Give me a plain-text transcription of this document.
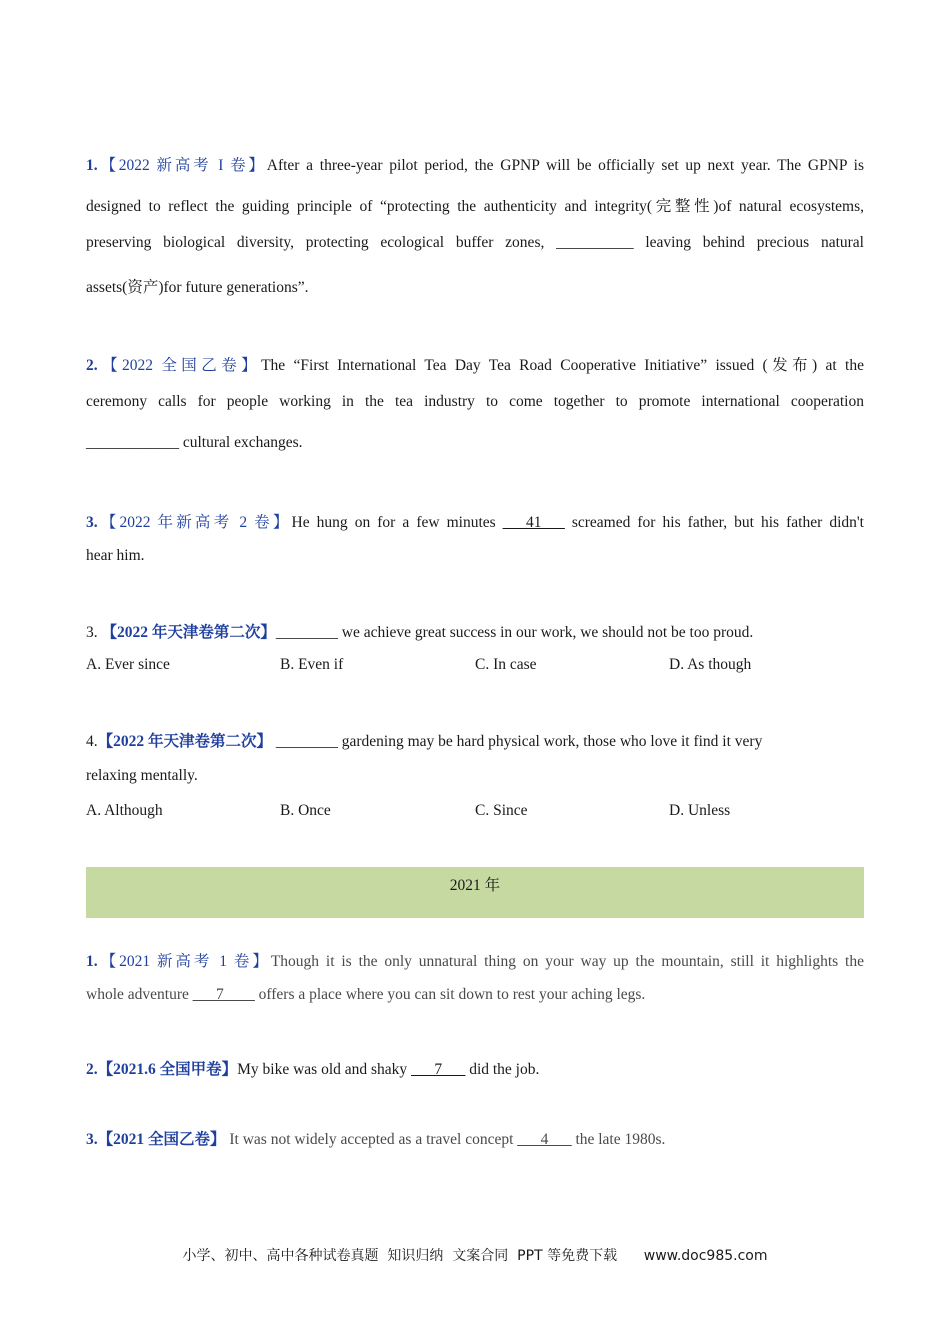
1.【2022 新高考 I 卷】After a three-year pilot period, the GPNP will be officially set up next year. The GPNP is
designed to reflect the guiding principle of “protecting the authenticity and integrity(完整性)of natural ecosystems,
preserving biological diversity, protecting ecological buffer zones, __________ leaving behind precious natural
assets(资产)for future generations”.
2.【2022 全国乙卷】The “First International Tea Day Tea Road Cooperative Initiative” issued (发布) at the
ceremony calls for people working in the tea industry to come together to promote international cooperation
____________ cultural exchanges.
3.【2022 年新高考 2 卷】He hung on for a few minutes ___41___ screamed for his father, but his father didn't
hear him.
3. 【2022 年天津卷第二次】________ we achieve great success in our work, we should not be too proud.
A. Ever since	B. Even if	C. In case	D. As though
4.【2022 年天津卷第二次】 ________ gardening may be hard physical work, those who love it find it very
relaxing mentally.
A. Although	B. Once	C. Since	D. Unless
2021 年
1.【2021 新高考 1 卷】Though it is the only unnatural thing on your way up the mountain, still it highlights the
whole adventure ___7____ offers a place where you can sit down to rest your aching legs.
2.【2021.6 全国甲卷】My bike was old and shaky ___7___ did the job.
3.【2021 全国乙卷】 It was not widely accepted as a travel concept ___4___ the late 1980s.
小学、初中、高中各种试卷真题  知识归纳  文案合同  PPT 等免费下载      www.doc985.com
